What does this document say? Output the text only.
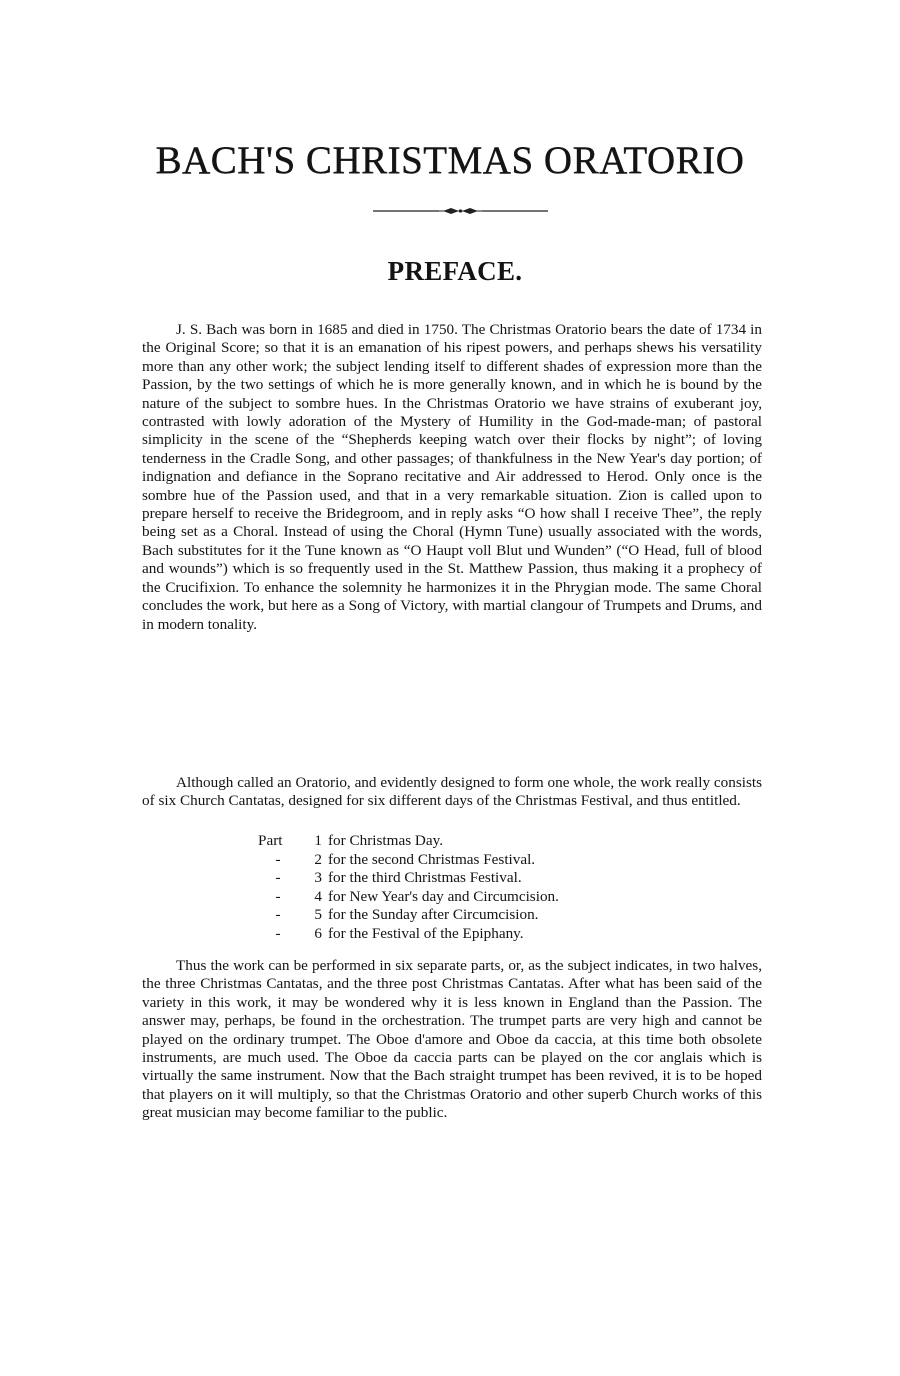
BACH'S CHRISTMAS ORATORIO
PREFACE.

J. S. Bach was born in 1685 and died in 1750. The Christmas Oratorio bears the date of 1734 in the Original Score; so that it is an emanation of his ripest powers, and perhaps shews his versatility more than any other work; the subject lending itself to different shades of expression more than the Passion, by the two settings of which he is more generally known, and in which he is bound by the nature of the subject to sombre hues. In the Christmas Oratorio we have strains of exuberant joy, contrasted with lowly adoration of the Mystery of Humility in the God-made-man; of pastoral simplicity in the scene of the “Shepherds keeping watch over their flocks by night”; of loving tenderness in the Cradle Song, and other passages; of thankfulness in the New Year's day portion; of indignation and defiance in the Soprano recitative and Air addressed to Herod. Only once is the sombre hue of the Passion used, and that in a very remarkable situation. Zion is called upon to prepare herself to receive the Bridegroom, and in reply asks “O how shall I receive Thee”, the reply being set as a Choral. Instead of using the Choral (Hymn Tune) usually associated with the words, Bach substitutes for it the Tune known as “O Haupt voll Blut und Wunden” (“O Head, full of blood and wounds”) which is so frequently used in the St. Matthew Passion, thus making it a prophecy of the Crucifixion. To enhance the solemnity he harmonizes it in the Phrygian mode. The same Choral concludes the work, but here as a Song of Victory, with martial clangour of Trumpets and Drums, and in modern tonality.

Although called an Oratorio, and evidently designed to form one whole, the work really consists of six Church Cantatas, designed for six different days of the Christmas Festival, and thus entitled.

Part	1 for Christmas Day.
-	2 for the second Christmas Festival.
-	3 for the third Christmas Festival.
-	4 for New Year's day and Circumcision.
-	5 for the Sunday after Circumcision.
-	6 for the Festival of the Epiphany.

Thus the work can be performed in six separate parts, or, as the subject indicates, in two halves, the three Christmas Cantatas, and the three post Christmas Cantatas. After what has been said of the variety in this work, it may be wondered why it is less known in England than the Passion. The answer may, perhaps, be found in the orchestration. The trumpet parts are very high and cannot be played on the ordinary trumpet. The Oboe d'amore and Oboe da caccia, at this time both obsolete instruments, are much used. The Oboe da caccia parts can be played on the cor anglais which is virtually the same instrument. Now that the Bach straight trumpet has been revived, it is to be hoped that players on it will multiply, so that the Christmas Oratorio and other superb Church works of this great musician may become familiar to the public.
